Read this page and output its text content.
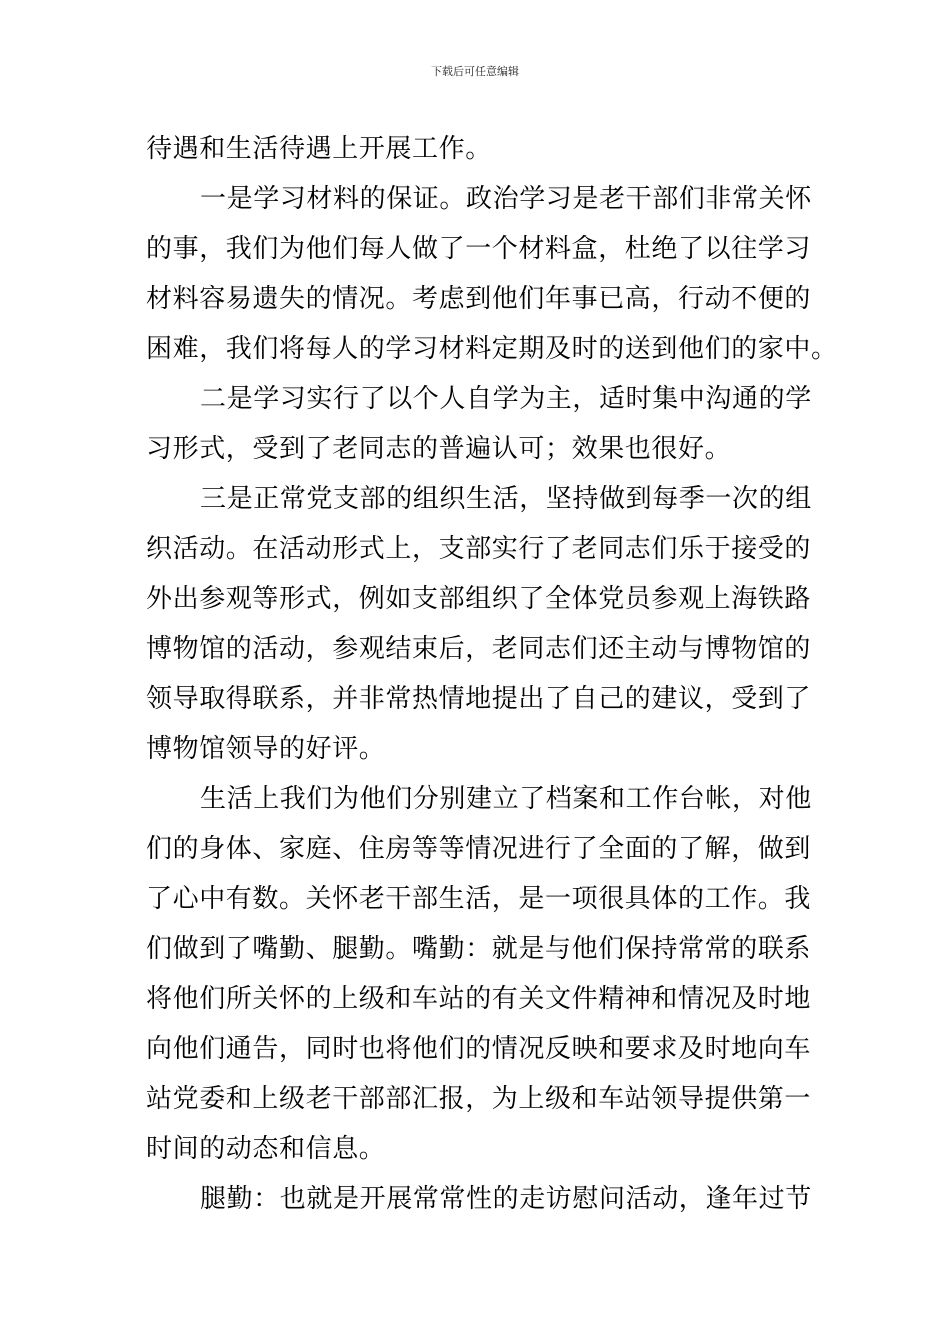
下载后可任意编辑
待遇和生活待遇上开展工作。
一是学习材料的保证。政治学习是老干部们非常关怀
的事，我们为他们每人做了一个材料盒，杜绝了以往学习
材料容易遗失的情况。考虑到他们年事已高，行动不便的
困难，我们将每人的学习材料定期及时的送到他们的家中。
二是学习实行了以个人自学为主，适时集中沟通的学
习形式，受到了老同志的普遍认可；效果也很好。
三是正常党支部的组织生活，坚持做到每季一次的组
织活动。在活动形式上，支部实行了老同志们乐于接受的
外出参观等形式，例如支部组织了全体党员参观上海铁路
博物馆的活动，参观结束后，老同志们还主动与博物馆的
领导取得联系，并非常热情地提出了自己的建议，受到了
博物馆领导的好评。
生活上我们为他们分别建立了档案和工作台帐，对他
们的身体、家庭、住房等等情况进行了全面的了解，做到
了心中有数。关怀老干部生活，是一项很具体的工作。我
们做到了嘴勤、腿勤。嘴勤：就是与他们保持常常的联系
将他们所关怀的上级和车站的有关文件精神和情况及时地
向他们通告，同时也将他们的情况反映和要求及时地向车
站党委和上级老干部部汇报，为上级和车站领导提供第一
时间的动态和信息。
腿勤：也就是开展常常性的走访慰问活动，逢年过节
